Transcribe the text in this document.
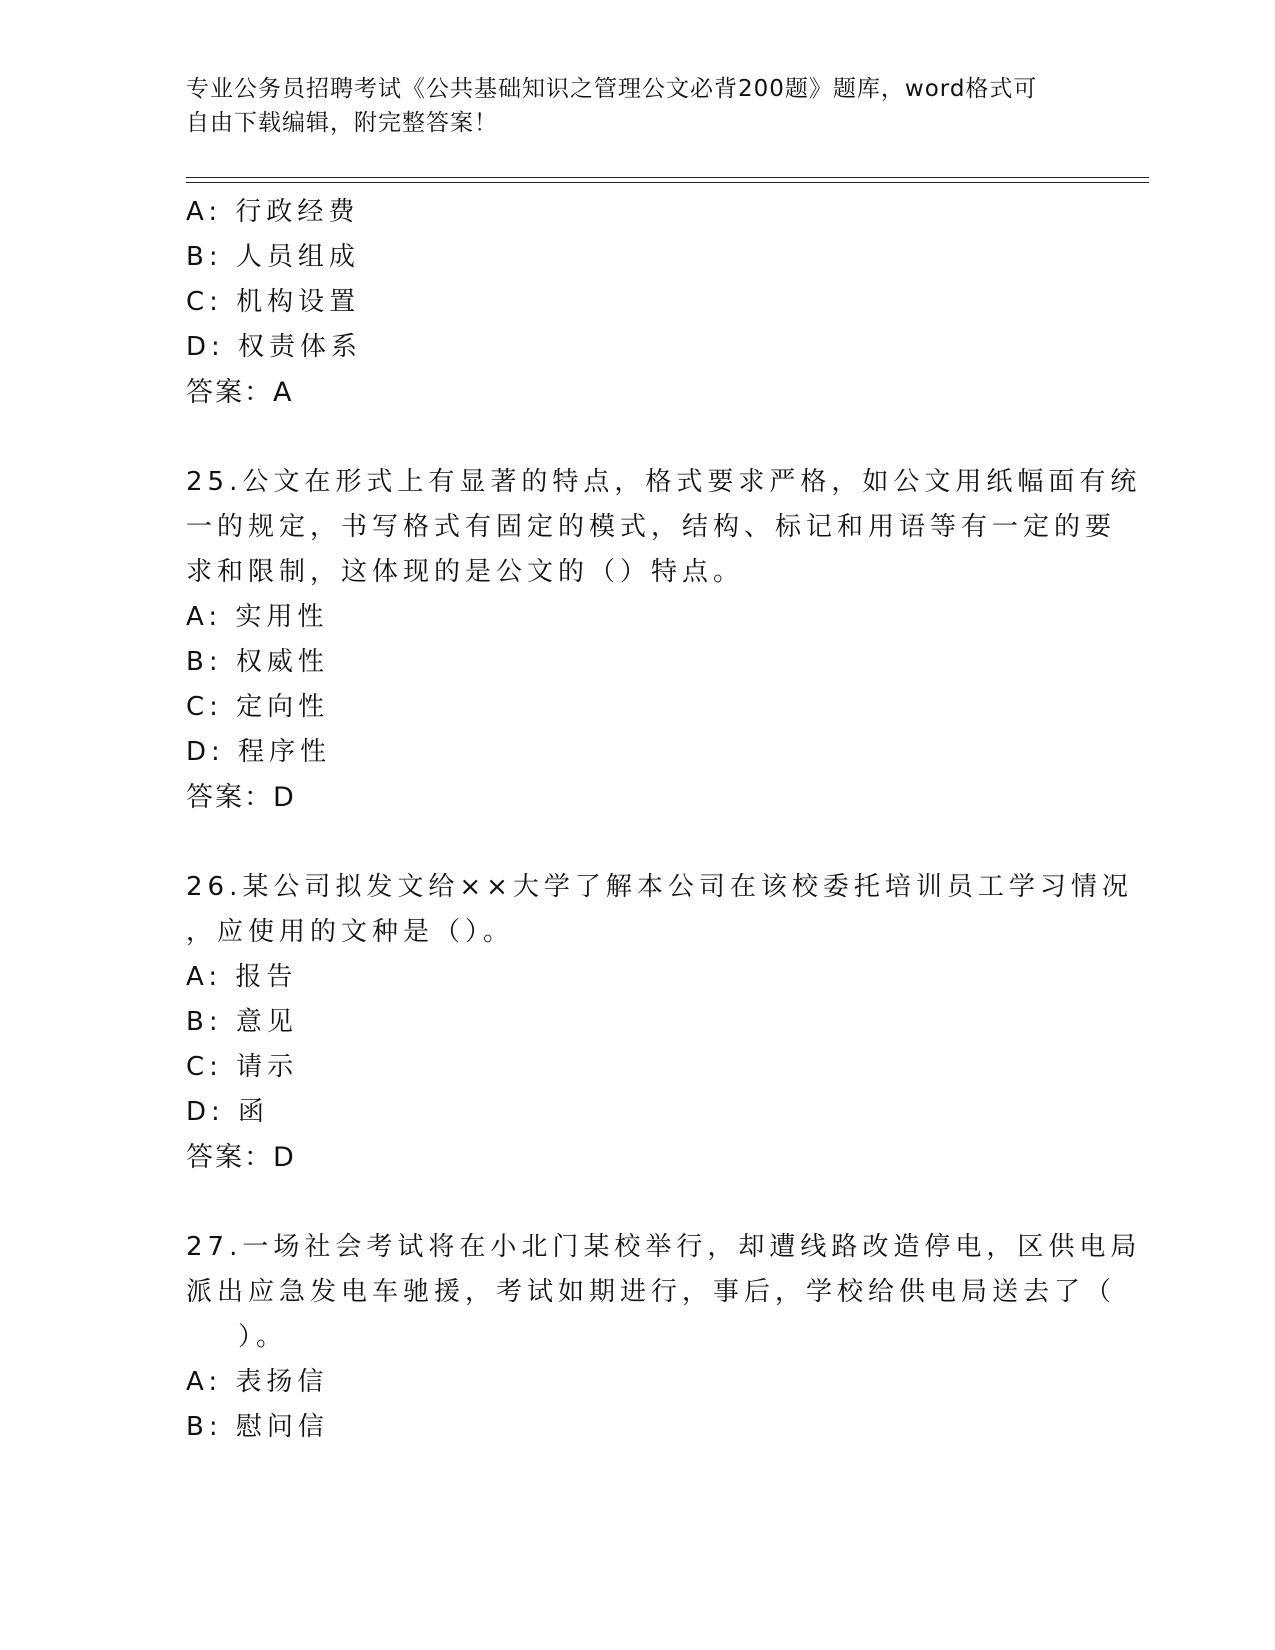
专业公务员招聘考试《公共基础知识之管理公文必背200题》题库，word格式可
自由下载编辑，附完整答案！
A: 行政经费
B: 人员组成
C: 机构设置
D: 权责体系
答案：A
25.公文在形式上有显著的特点，格式要求严格，如公文用纸幅面有统
一的规定，书写格式有固定的模式，结构、标记和用语等有一定的要
求和限制，这体现的是公文的（）特点。
A: 实用性
B: 权威性
C: 定向性
D: 程序性
答案：D
26.某公司拟发文给××大学了解本公司在该校委托培训员工学习情况
，应使用的文种是（）。
A: 报告
B: 意见
C: 请示
D: 函
答案：D
27.一场社会考试将在小北门某校举行，却遭线路改造停电，区供电局
派出应急发电车驰援，考试如期进行，事后，学校给供电局送去了（
）。
A: 表扬信
B: 慰问信
